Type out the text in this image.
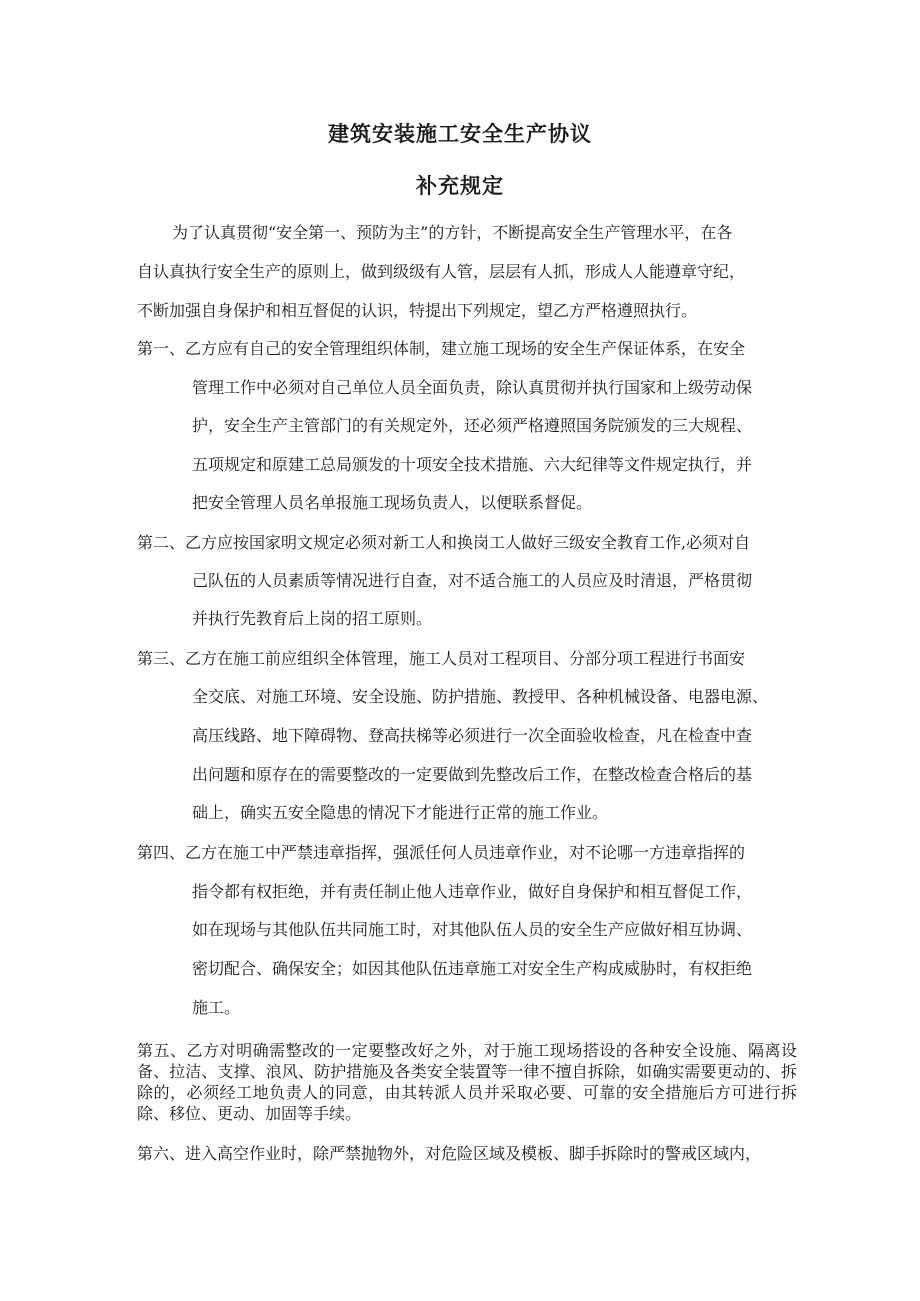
建筑安装施工安全生产协议
补充规定
为了认真贯彻“安全第一、预防为主”的方针，不断提高安全生产管理水平，在各
自认真执行安全生产的原则上，做到级级有人管，层层有人抓，形成人人能遵章守纪，
不断加强自身保护和相互督促的认识，特提出下列规定，望乙方严格遵照执行。
第一、乙方应有自己的安全管理组织体制，建立施工现场的安全生产保证体系，在安全
管理工作中必须对自己单位人员全面负责，除认真贯彻并执行国家和上级劳动保
护，安全生产主管部门的有关规定外，还必须严格遵照国务院颁发的三大规程、
五项规定和原建工总局颁发的十项安全技术措施、六大纪律等文件规定执行，并
把安全管理人员名单报施工现场负责人，以便联系督促。
第二、乙方应按国家明文规定必须对新工人和换岗工人做好三级安全教育工作,必须对自
己队伍的人员素质等情况进行自查，对不适合施工的人员应及时清退，严格贯彻
并执行先教育后上岗的招工原则。
第三、乙方在施工前应组织全体管理，施工人员对工程项目、分部分项工程进行书面安
全交底、对施工环境、安全设施、防护措施、教授甲、各种机械设备、电器电源、
高压线路、地下障碍物、登高扶梯等必须进行一次全面验收检查，凡在检查中查
出问题和原存在的需要整改的一定要做到先整改后工作，在整改检查合格后的基
础上，确实五安全隐患的情况下才能进行正常的施工作业。
第四、乙方在施工中严禁违章指挥，强派任何人员违章作业，对不论哪一方违章指挥的
指令都有权拒绝，并有责任制止他人违章作业，做好自身保护和相互督促工作，
如在现场与其他队伍共同施工时，对其他队伍人员的安全生产应做好相互协调、
密切配合、确保安全；如因其他队伍违章施工对安全生产构成威胁时，有权拒绝
施工。
第五、乙方对明确需整改的一定要整改好之外，对于施工现场搭设的各种安全设施、隔离设备、拉洁、支撑、浪风、防护措施及各类安全装置等一律不擅自拆除，如确实需要更动的、拆除的，必须经工地负责人的同意，由其转派人员并采取必要、可靠的安全措施后方可进行拆除、移位、更动、加固等手续。
第六、进入高空作业时，除严禁抛物外，对危险区域及模板、脚手拆除时的警戒区域内，
